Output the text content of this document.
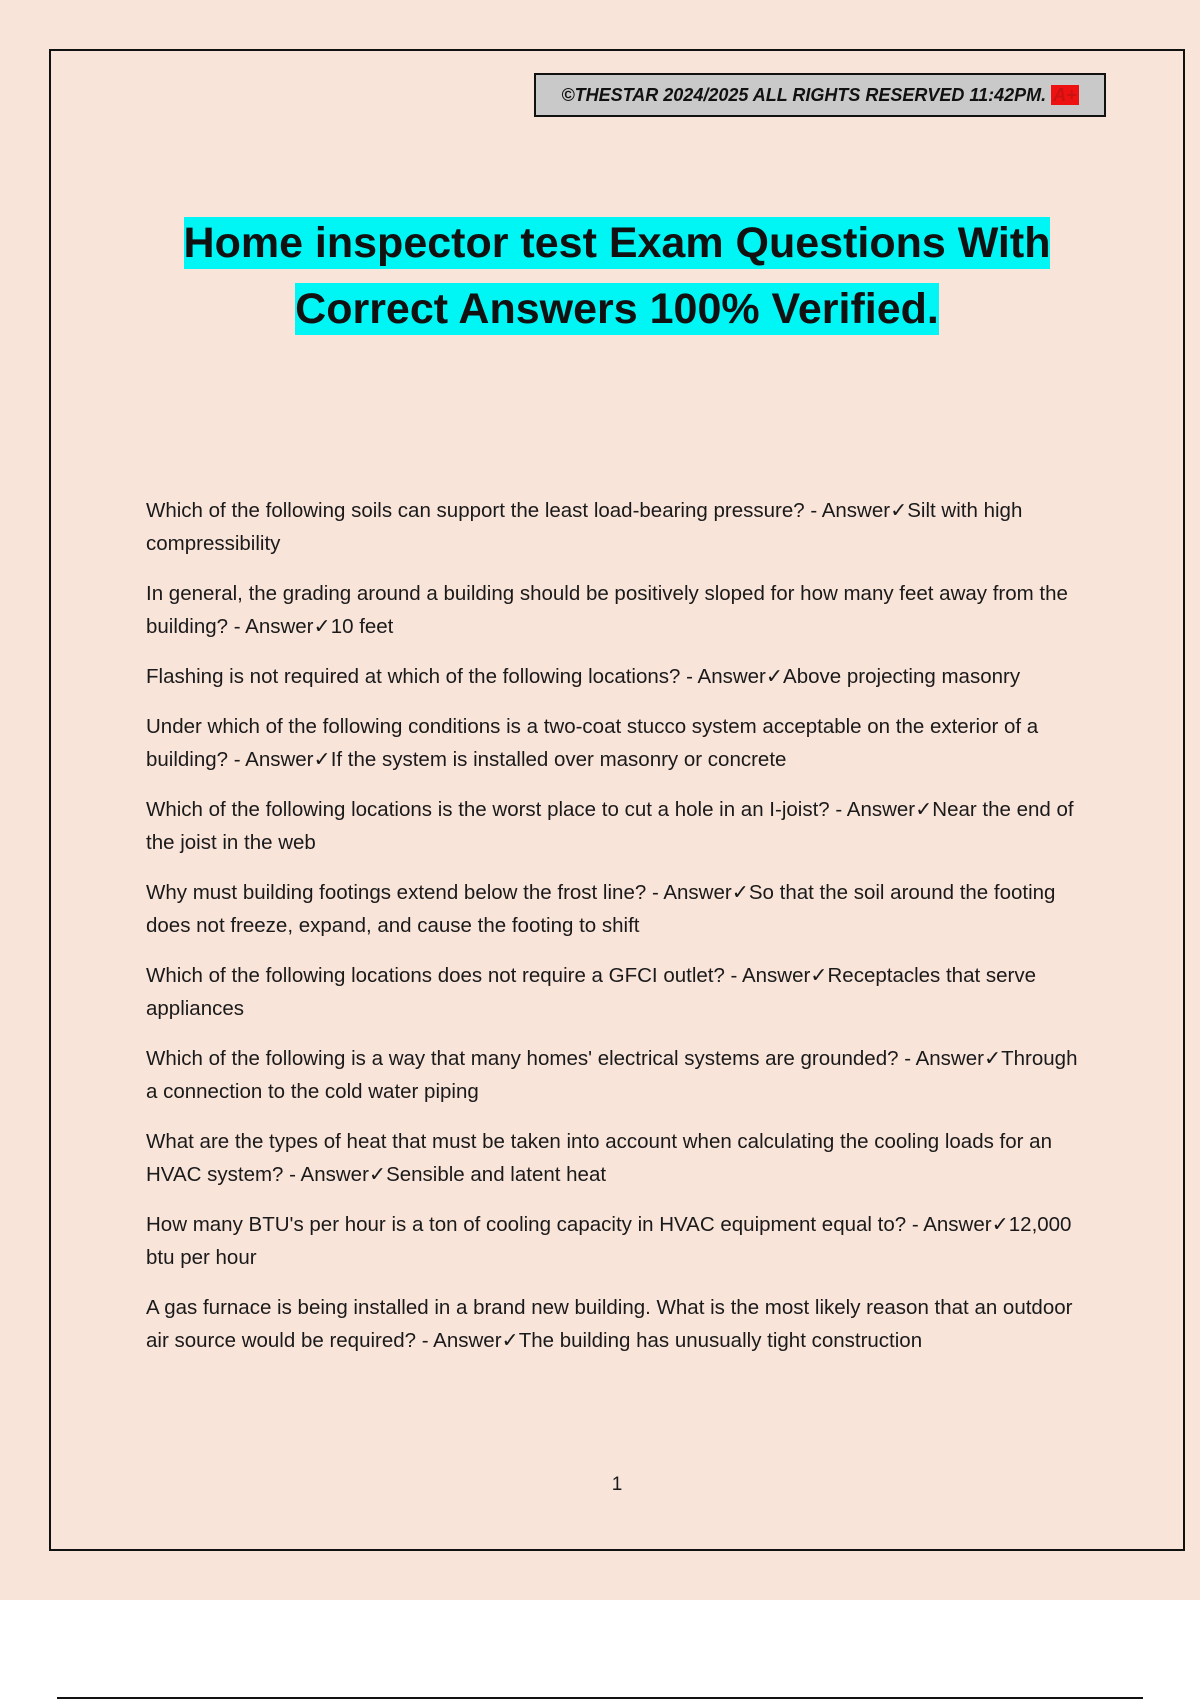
©THESTAR 2024/2025 ALL RIGHTS RESERVED 11:42PM. A+
Home inspector test Exam Questions With
Correct Answers 100% Verified.
Which of the following soils can support the least load-bearing pressure? - Answer✓Silt with high compressibility
In general, the grading around a building should be positively sloped for how many feet away from the building? - Answer✓10 feet
Flashing is not required at which of the following locations? - Answer✓Above projecting masonry
Under which of the following conditions is a two-coat stucco system acceptable on the exterior of a building? - Answer✓If the system is installed over masonry or concrete
Which of the following locations is the worst place to cut a hole in an I-joist? - Answer✓Near the end of the joist in the web
Why must building footings extend below the frost line? - Answer✓So that the soil around the footing does not freeze, expand, and cause the footing to shift
Which of the following locations does not require a GFCI outlet? - Answer✓Receptacles that serve appliances
Which of the following is a way that many homes' electrical systems are grounded? - Answer✓Through a connection to the cold water piping
What are the types of heat that must be taken into account when calculating the cooling loads for an HVAC system? - Answer✓Sensible and latent heat
How many BTU's per hour is a ton of cooling capacity in HVAC equipment equal to? - Answer✓12,000 btu per hour
A gas furnace is being installed in a brand new building. What is the most likely reason that an outdoor air source would be required? - Answer✓The building has unusually tight construction
1
